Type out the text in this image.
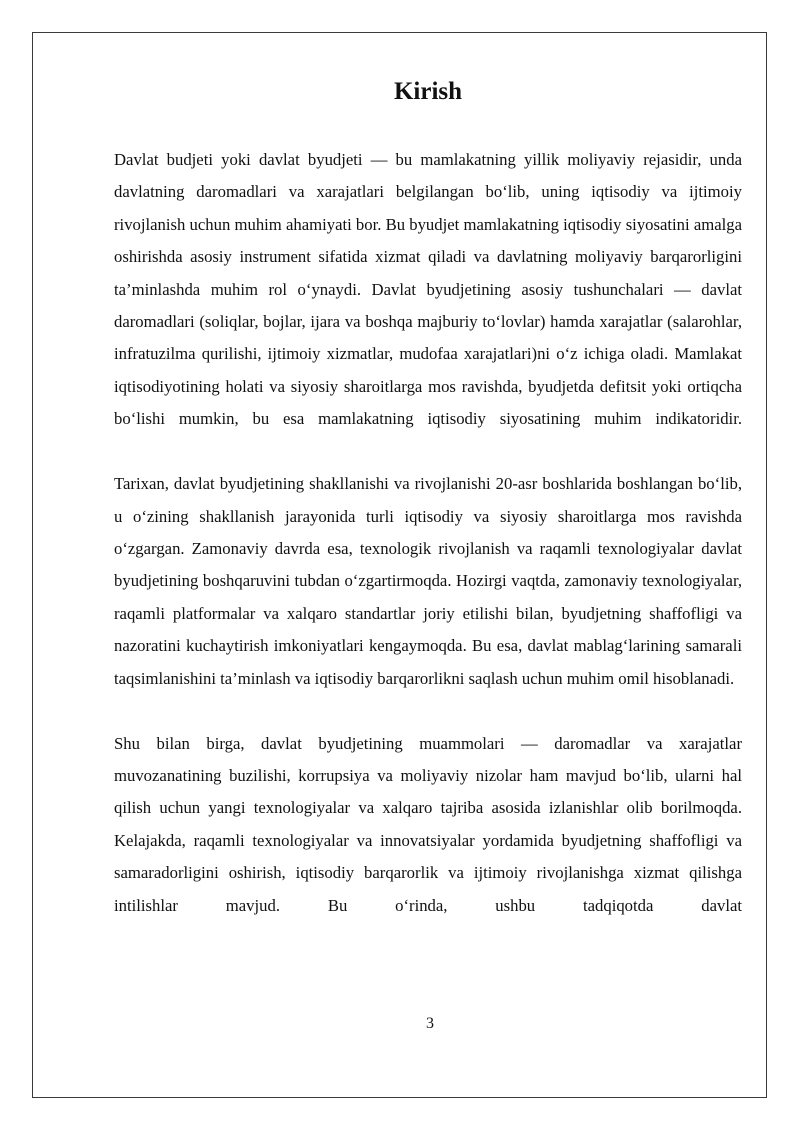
Kirish

Davlat budjeti yoki davlat byudjeti — bu mamlakatning yillik moliyaviy rejasidir, unda davlatning daromadlari va xarajatlari belgilangan bo‘lib, uning iqtisodiy va ijtimoiy rivojlanish uchun muhim ahamiyati bor. Bu byudjet mamlakatning iqtisodiy siyosatini amalga oshirishda asosiy instrument sifatida xizmat qiladi va davlatning moliyaviy barqarorligini ta’minlashda muhim rol o‘ynaydi. Davlat byudjetining asosiy tushunchalari — davlat daromadlari (soliqlar, bojlar, ijara va boshqa majburiy to‘lovlar) hamda xarajatlar (salarohlar, infratuzilma qurilishi, ijtimoiy xizmatlar, mudofaa xarajatlari)ni o‘z ichiga oladi. Mamlakat iqtisodiyotining holati va siyosiy sharoitlarga mos ravishda, byudjetda defitsit yoki ortiqcha bo‘lishi mumkin, bu esa mamlakatning iqtisodiy siyosatining muhim indikatoridir.

Tarixan, davlat byudjetining shakllanishi va rivojlanishi 20-asr boshlarida boshlangan bo‘lib, u o‘zining shakllanish jarayonida turli iqtisodiy va siyosiy sharoitlarga mos ravishda o‘zgargan. Zamonaviy davrda esa, texnologik rivojlanish va raqamli texnologiyalar davlat byudjetining boshqaruvini tubdan o‘zgartirmoqda. Hozirgi vaqtda, zamonaviy texnologiyalar, raqamli platformalar va xalqaro standartlar joriy etilishi bilan, byudjetning shaffofligi va nazoratini kuchaytirish imkoniyatlari kengaymoqda. Bu esa, davlat mablag‘larining samarali taqsimlanishini ta’minlash va iqtisodiy barqarorlikni saqlash uchun muhim omil hisoblanadi.

Shu bilan birga, davlat byudjetining muammolari — daromadlar va xarajatlar muvozanatining buzilishi, korrupsiya va moliyaviy nizolar ham mavjud bo‘lib, ularni hal qilish uchun yangi texnologiyalar va xalqaro tajriba asosida izlanishlar olib borilmoqda. Kelajakda, raqamli texnologiyalar va innovatsiyalar yordamida byudjetning shaffofligi va samaradorligini oshirish, iqtisodiy barqarorlik va ijtimoiy rivojlanishga xizmat qilishga intilishlar mavjud. Bu o‘rinda, ushbu tadqiqotda davlat

3
